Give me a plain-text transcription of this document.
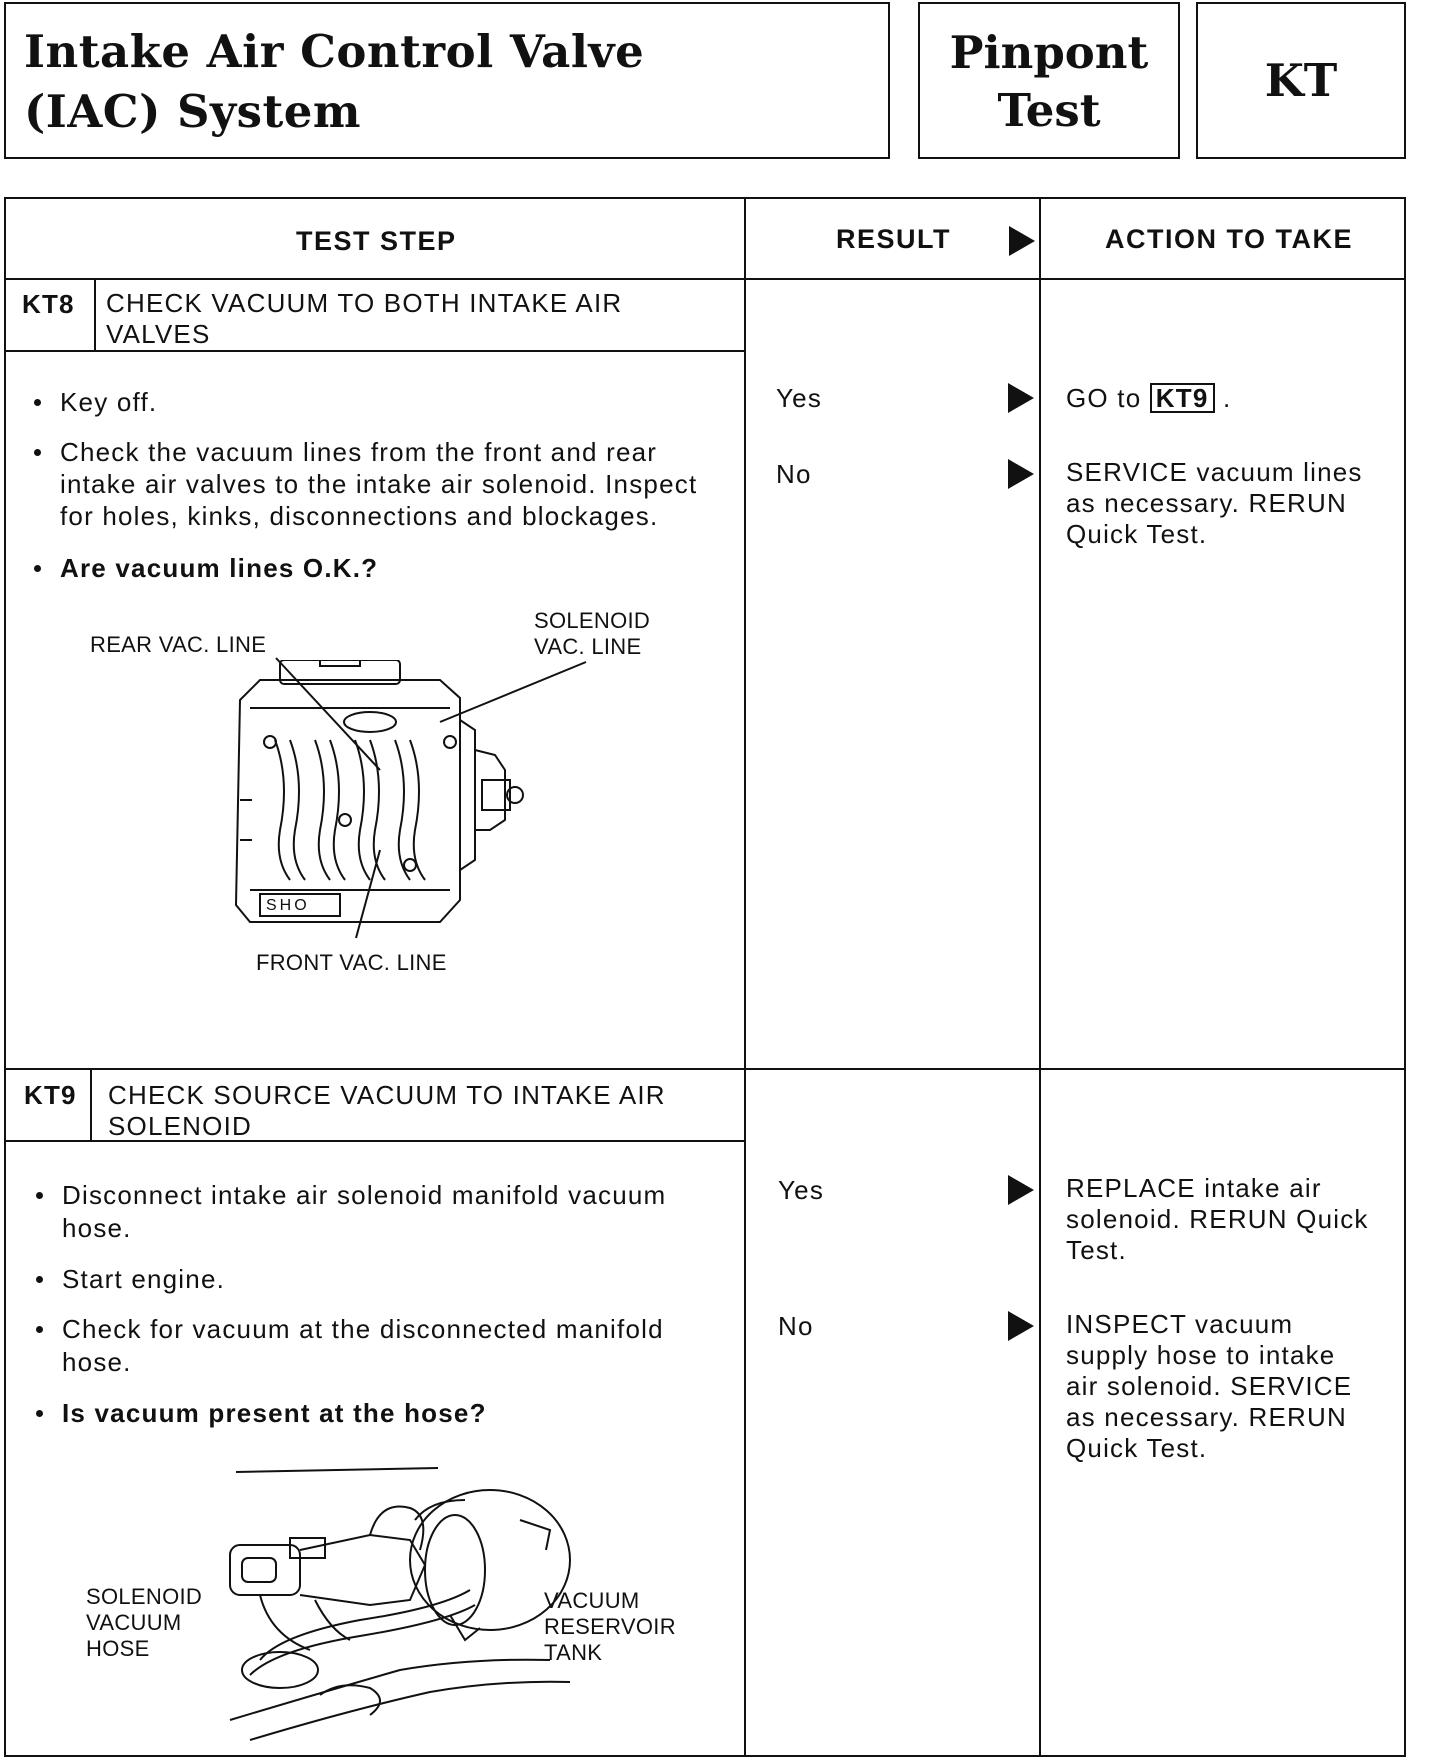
Intake Air Control Valve
(IAC) System
Pinpont
Test
KT
TEST STEP	RESULT	ACTION TO TAKE
KT8 CHECK VACUUM TO BOTH INTAKE AIR
VALVES
Key off.
Check the vacuum lines from the front and rear
intake air valves to the intake air solenoid. Inspect
for holes, kinks, disconnections and blockages.
Are vacuum lines O.K.?
REAR VAC. LINE
SOLENOID
VAC. LINE
FRONT VAC. LINE
SHO
Yes
No
GO to KT9 .
SERVICE vacuum lines
as necessary. RERUN
Quick Test.
KT9 CHECK SOURCE VACUUM TO INTAKE AIR
SOLENOID
Disconnect intake air solenoid manifold vacuum
hose.
Start engine.
Check for vacuum at the disconnected manifold
hose.
Is vacuum present at the hose?
SOLENOID
VACUUM
HOSE
VACUUM
RESERVOIR
TANK
Yes
No
REPLACE intake air
solenoid. RERUN Quick
Test.
INSPECT vacuum
supply hose to intake
air solenoid. SERVICE
as necessary. RERUN
Quick Test.
